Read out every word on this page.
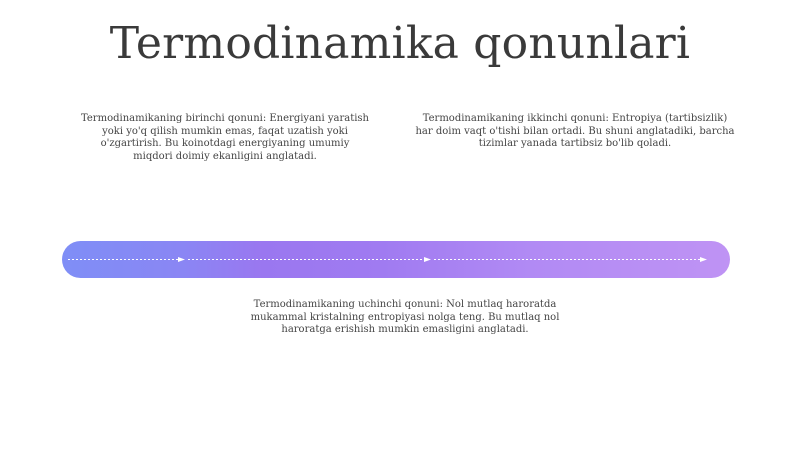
Termodinamika qonunlari
Termodinamikaning birinchi qonuni: Energiyani yaratish yoki yo'q qilish mumkin emas, faqat uzatish yoki o'zgartirish. Bu koinotdagi energiyaning umumiy miqdori doimiy ekanligini anglatadi.
Termodinamikaning ikkinchi qonuni: Entropiya (tartibsizlik) har doim vaqt o'tishi bilan ortadi. Bu shuni anglatadiki, barcha tizimlar yanada tartibsiz bo'lib qoladi.
Termodinamikaning uchinchi qonuni: Nol mutlaq haroratda mukammal kristalning entropiyasi nolga teng. Bu mutlaq nol haroratga erishish mumkin emasligini anglatadi.
